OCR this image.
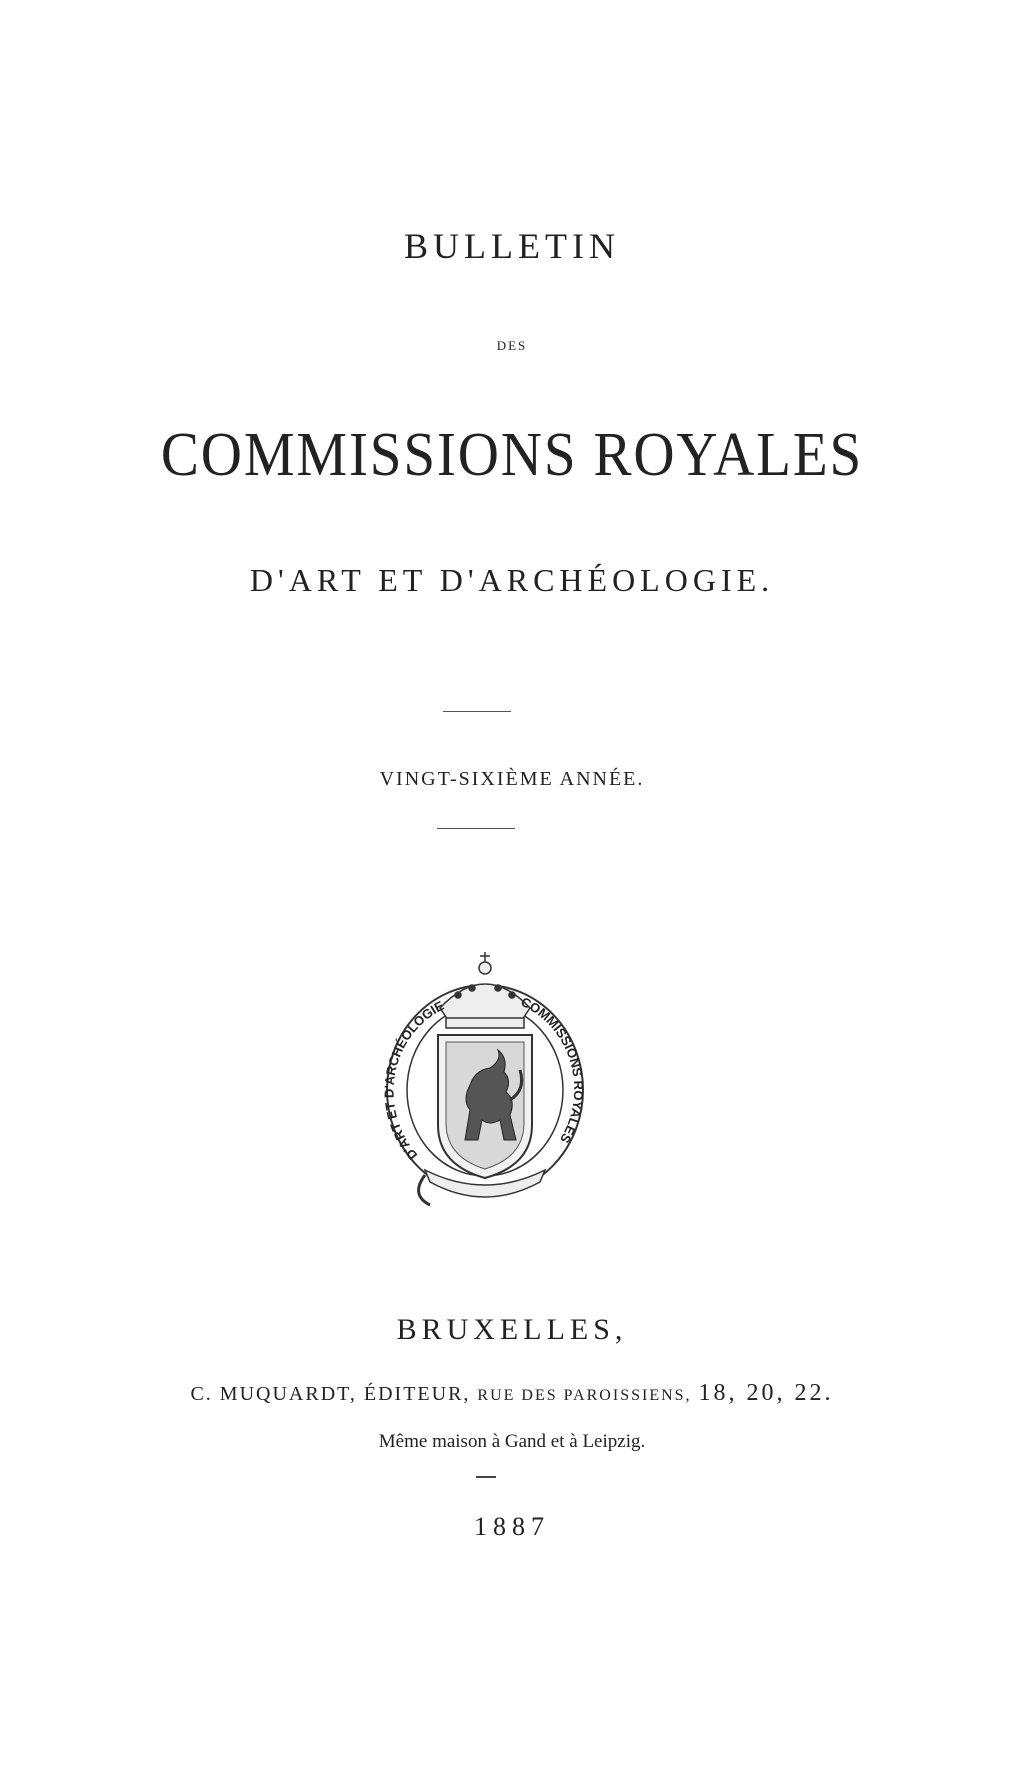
BULLETIN
DES
COMMISSIONS ROYALES
D'ART ET D'ARCHÉOLOGIE.
VINGT-SIXIÈME ANNÉE.
D'ART ET D'ARCHÉOLOGIE	COMMISSIONS ROYALES
BRUXELLES,
C. MUQUARDT, ÉDITEUR, RUE DES PAROISSIENS, 18, 20, 22.
Même maison à Gand et à Leipzig.
1887
